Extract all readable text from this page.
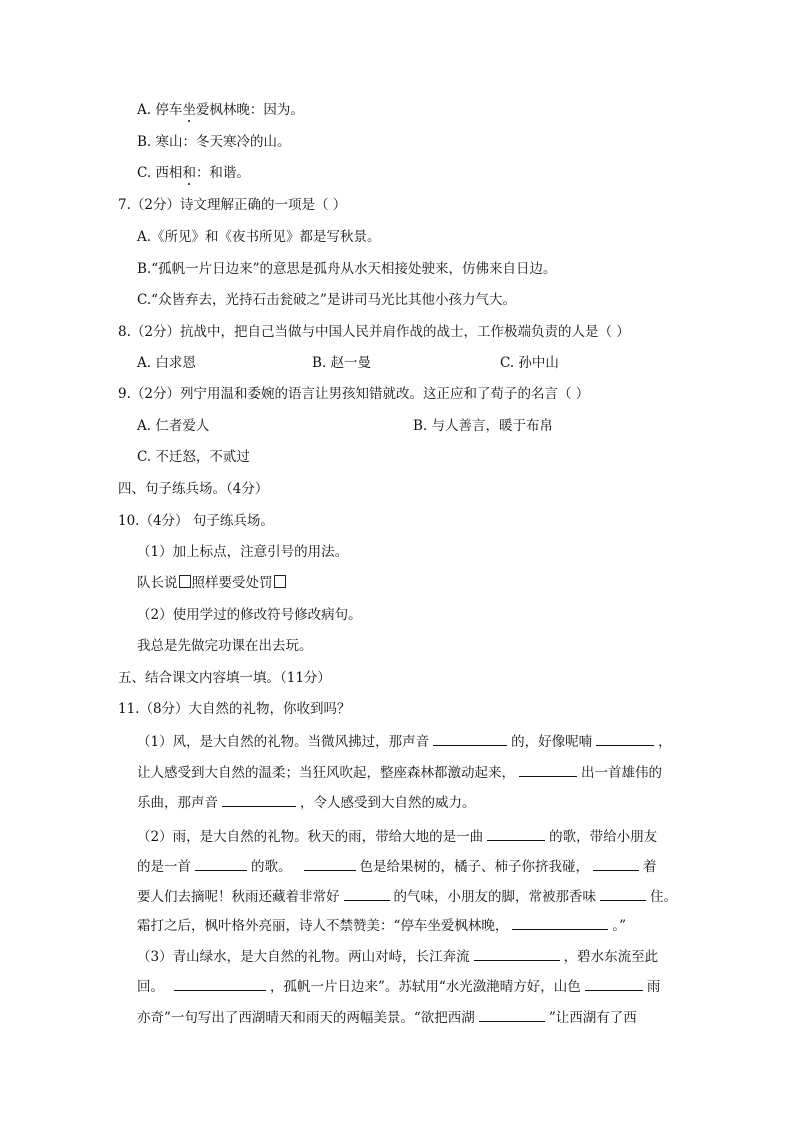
A. 停车坐爱枫林晚：因为。
B. 寒山：冬天寒冷的山。
C. 西相和：和谐。
7.（2分）诗文理解正确的一项是（ ）
A.《所见》和《夜书所见》都是写秋景。
B.“孤帆一片日边来”的意思是孤舟从水天相接处驶来，仿佛来自日边。
C.“众皆弃去，光持石击瓮破之”是讲司马光比其他小孩力气大。
8.（2分）抗战中，把自己当做与中国人民并肩作战的战士，工作极端负责的人是（ ）
A. 白求恩	B. 赵一曼	C. 孙中山
9.（2分）列宁用温和委婉的语言让男孩知错就改。这正应和了荀子的名言（ ）
A. 仁者爱人	B. 与人善言，暖于布帛
C. 不迁怒，不贰过
四、句子练兵场。（4分）
10.（4分） 句子练兵场。
（1）加上标点，注意引号的用法。
队长说 照样要受处罚
（2）使用学过的修改符号修改病句。
我总是先做完功课在出去玩。
五、结合课文内容填一填。（11分）
11.（8分）大自然的礼物，你收到吗？
（1）风，是大自然的礼物。当微风拂过，那声音	的，好像呢喃	，
让人感受到大自然的温柔；当狂风吹起，整座森林都激动起来，	出一首雄伟的
乐曲，那声音	，令人感受到大自然的威力。
（2）雨，是大自然的礼物。秋天的雨，带给大地的是一曲	的歌，带给小朋友
的是一首	的歌。	色是给果树的，橘子、柿子你挤我碰，	着
要人们去摘呢！秋雨还藏着非常好	的气味，小朋友的脚，常被那香味	住。
霜打之后，枫叶格外亮丽，诗人不禁赞美：“停车坐爱枫林晚，	。”
（3）青山绿水，是大自然的礼物。两山对峙，长江奔流	，碧水东流至此
回。	，孤帆一片日边来”。苏轼用“水光潋滟晴方好，山色	雨
亦奇”一句写出了西湖晴天和雨天的两幅美景。“欲把西湖	”让西湖有了西
